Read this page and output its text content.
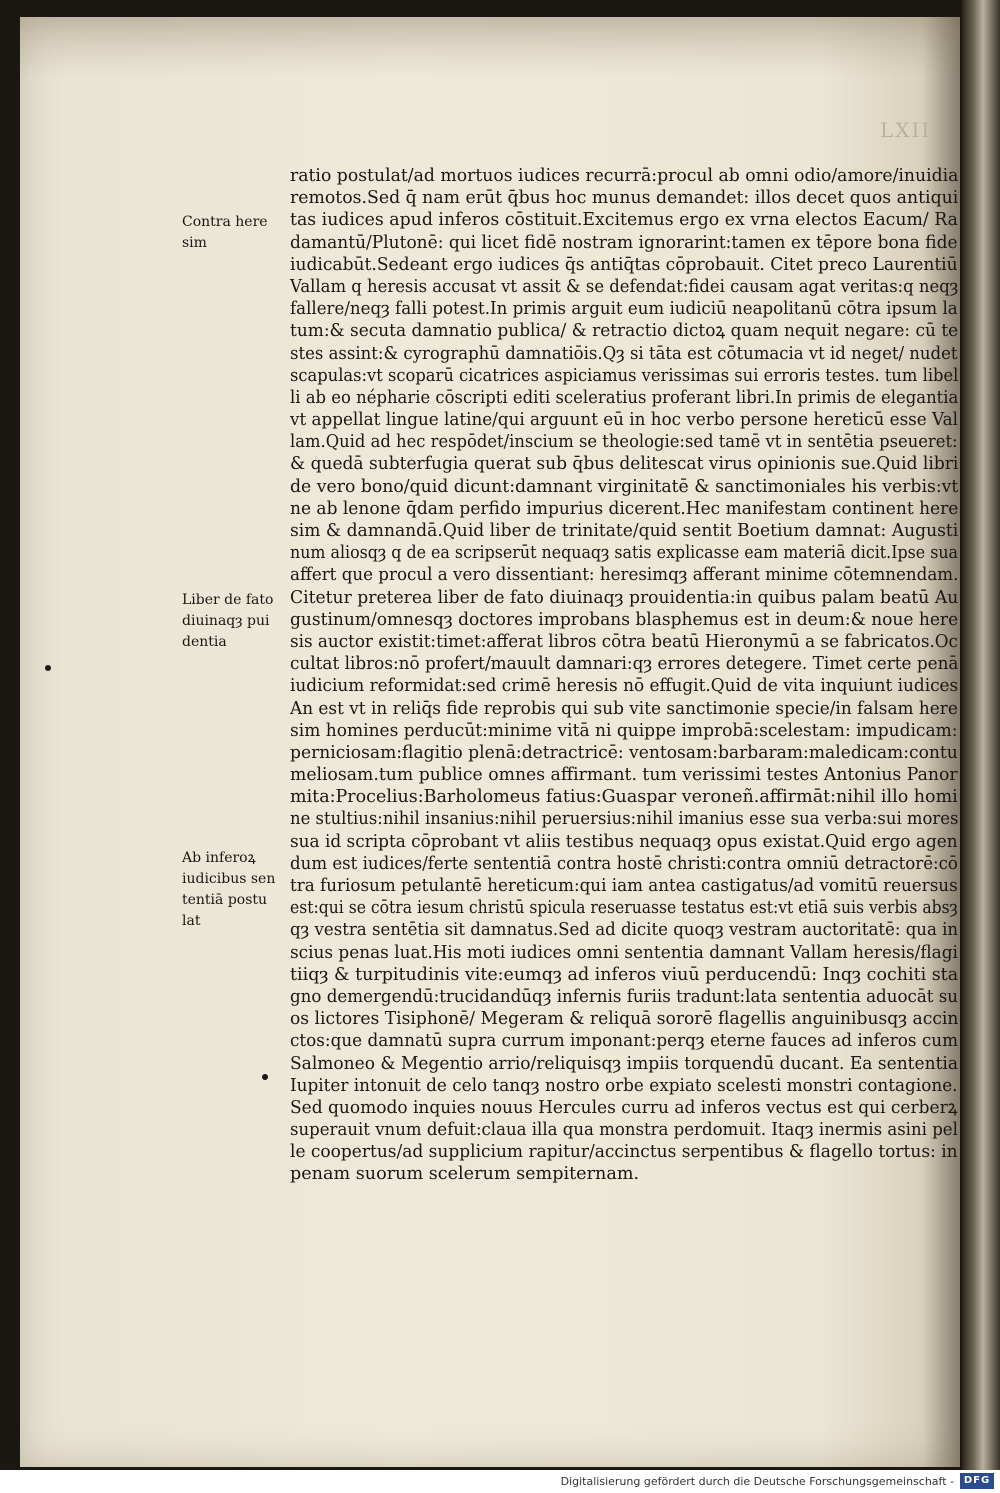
LXII
Contra here
sim
Liber de fato
diuinaqȝ pui
dentia
Ab inferoꝝ
iudicibus sen
tentiā postu
lat
ratio postulat/ad mortuos iudices recurrā:procul ab omni odio/amore/inuidia
remotos.Sed q̄ nam erūt q̄bus hoc munus demandet: illos decet quos antiqui
tas iudices apud inferos cōstituit.Excitemus ergo ex vrna electos Eacum/ Ra
damantū/Plutonē: qui licet fidē nostram ignorarint:tamen ex tēpore bona fide
iudicabūt.Sedeant ergo iudices q̄s antiq̄tas cōprobauit. Citet preco Laurentiū
Vallam q heresis accusat vt assit & se defendat:fidei causam agat veritas:q neqȝ
fallere/neqȝ falli potest.In primis arguit eum iudiciū neapolitanū cōtra ipsum la
tum:& secuta damnatio publica/ & retractio dictoꝝ quam nequit negare: cū te
stes assint:& cyrographū damnatiōis.Qȝ si tāta est cōtumacia vt id neget/ nudet
scapulas:vt scoparū cicatrices aspiciamus verissimas sui erroris testes. tum libel
li ab eo népharie cōscripti editi sceleratius proferant libri.In primis de elegantia
vt appellat lingue latine/qui arguunt eū in hoc verbo persone hereticū esse Val
lam.Quid ad hec respōdet/inscium se theologie:sed tamē vt in sentētia pseueret:
& quedā subterfugia querat sub q̄bus delitescat virus opinionis sue.Quid libri
de vero bono/quid dicunt:damnant virginitatē & sanctimoniales his verbis:vt
ne ab lenone q̄dam perfido impurius dicerent.Hec manifestam continent here
sim & damnandā.Quid liber de trinitate/quid sentit Boetium damnat: Augusti
num aliosqȝ q de ea scripserūt nequaqȝ satis explicasse eam materiā dicit.Ipse sua
affert que procul a vero dissentiant: heresimqȝ afferant minime cōtemnendam.
Citetur preterea liber de fato diuinaqȝ prouidentia:in quibus palam beatū Au
gustinum/omnesqȝ doctores improbans blasphemus est in deum:& noue here
sis auctor existit:timet:afferat libros cōtra beatū Hieronymū a se fabricatos.Oc
cultat libros:nō profert/mauult damnari:qȝ errores detegere. Timet certe penā
iudicium reformidat:sed crimē heresis nō effugit.Quid de vita inquiunt iudices
An est vt in reliq̄s fide reprobis qui sub vite sanctimonie specie/in falsam here
sim homines perducūt:minime vitā ni quippe improbā:scelestam: impudicam:
perniciosam:flagitio plenā:detractricē: ventosam:barbaram:maledicam:contu
meliosam.tum publice omnes affirmant. tum verissimi testes Antonius Panor
mita:Procelius:Barholomeus fatius:Guaspar veroneñ.affirmāt:nihil illo homi
ne stultius:nihil insanius:nihil peruersius:nihil imanius esse sua verba:sui mores
sua id scripta cōprobant vt aliis testibus nequaqȝ opus existat.Quid ergo agen
dum est iudices/ferte sententiā contra hostē christi:contra omniū detractorē:cō
tra furiosum petulantē hereticum:qui iam antea castigatus/ad vomitū reuersus
est:qui se cōtra iesum christū spicula reseruasse testatus est:vt etiā suis verbis absȝ
qȝ vestra sentētia sit damnatus.Sed ad dicite quoqȝ vestram auctoritatē: qua in
scius penas luat.His moti iudices omni sententia damnant Vallam heresis/flagi
tiiqȝ & turpitudinis vite:eumqȝ ad inferos viuū perducendū: Inqȝ cochiti sta
gno demergendū:trucidandūqȝ infernis furiis tradunt:lata sententia aduocāt su
os lictores Tisiphonē/ Megeram & reliquā sororē flagellis anguinibusqȝ accin
ctos:que damnatū supra currum imponant:perqȝ eterne fauces ad inferos cum
Salmoneo & Megentio arrio/reliquisqȝ impiis torquendū ducant. Ea sententia
Iupiter intonuit de celo tanqȝ nostro orbe expiato scelesti monstri contagione.
Sed quomodo inquies nouus Hercules curru ad inferos vectus est qui cerberꝝ
superauit vnum defuit:claua illa qua monstra perdomuit. Itaqȝ inermis asini pel
le coopertus/ad supplicium rapitur/accinctus serpentibus & flagello tortus: in
penam suorum scelerum sempiternam.
Digitalisierung gefördert durch die Deutsche Forschungsgemeinschaft - DFG
